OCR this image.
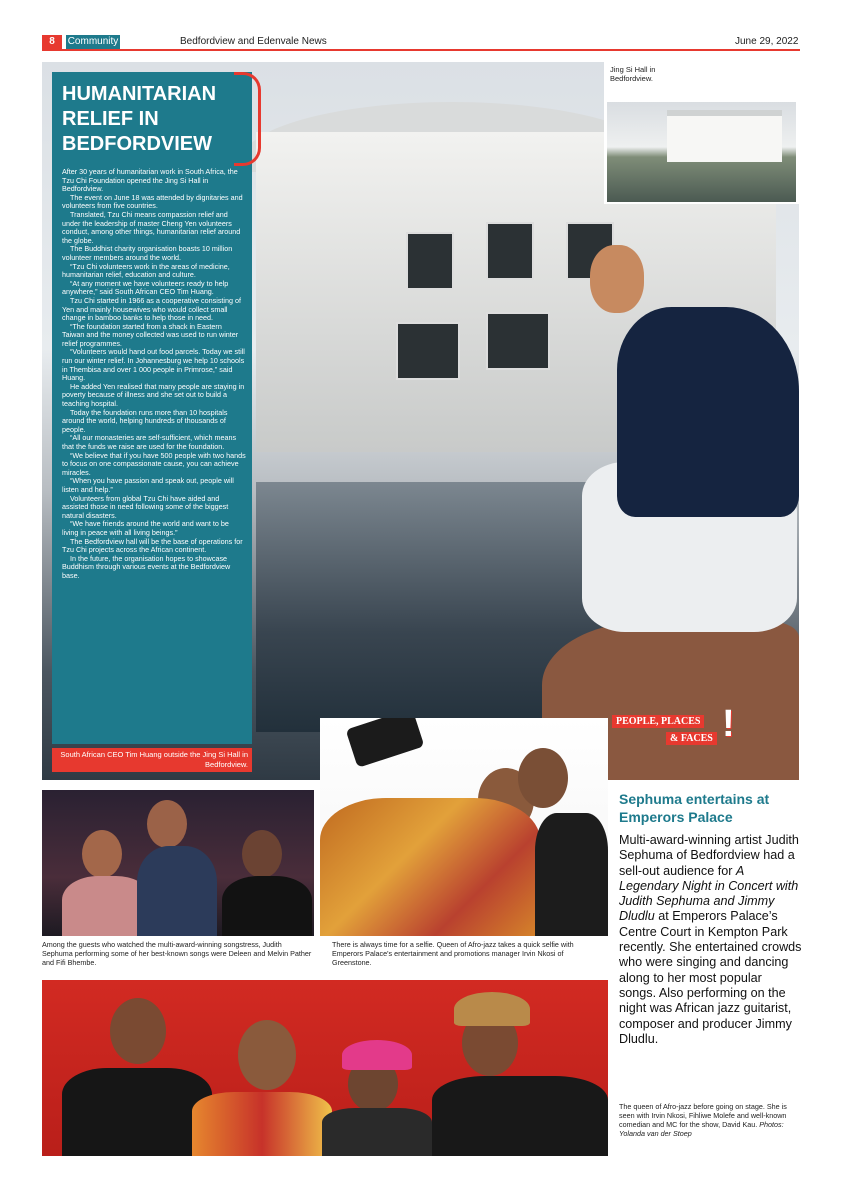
8	Community	Bedfordview and Edenvale News	June 29, 2022
HUMANITARIAN RELIEF IN BEDFORDVIEW

After 30 years of humanitarian work in South Africa, the Tzu Chi Foundation opened the Jing Si Hall in Bedfordview.

The event on June 18 was attended by dignitaries and volunteers from five countries.

Translated, Tzu Chi means compassion relief and under the leadership of master Cheng Yen volunteers conduct, among other things, humanitarian relief around the globe.

The Buddhist charity organisation boasts 10 million volunteer members around the world.

“Tzu Chi volunteers work in the areas of medicine, humanitarian relief, education and culture.

“At any moment we have volunteers ready to help anywhere,” said South African CEO Tim Huang.

Tzu Chi started in 1966 as a cooperative consisting of Yen and mainly housewives who would collect small change in bamboo banks to help those in need.

“The foundation started from a shack in Eastern Taiwan and the money collected was used to run winter relief programmes.

“Volunteers would hand out food parcels. Today we still run our winter relief. In Johannesburg we help 10 schools in Thembisa and over 1 000 people in Primrose,” said Huang.

He added Yen realised that many people are staying in poverty because of illness and she set out to build a teaching hospital.

Today the foundation runs more than 10 hospitals around the world, helping hundreds of thousands of people.

“All our monasteries are self-sufficient, which means that the funds we raise are used for the foundation.

“We believe that if you have 500 people with two hands to focus on one compassionate cause, you can achieve miracles.

“When you have passion and speak out, people will listen and help.”

Volunteers from global Tzu Chi have aided and assisted those in need following some of the biggest natural disasters.

“We have friends around the world and want to be living in peace with all living beings.”

The Bedfordview hall will be the base of operations for Tzu Chi projects across the African continent.

In the future, the organisation hopes to showcase Buddhism through various events at the Bedfordview base.

South African CEO Tim Huang outside the Jing Si Hall in Bedfordview.
Jing Si Hall in Bedfordview.
PEOPLE, PLACES
& FACES !
Among the guests who watched the multi-award-winning songstress, Judith Sephuma performing some of her best-known songs were Deleen and Melvin Pather and Fifi Bhembe.
There is always time for a selfie. Queen of Afro-jazz takes a quick selfie with Emperors Palace's entertainment and promotions manager Irvin Nkosi of Greenstone.
Sephuma entertains at Emperors Palace
Multi-award-winning artist Judith Sephuma of Bedfordview had a sell-out audience for A Legendary Night in Concert with Judith Sephuma and Jimmy Dludlu at Emperors Palace’s Centre Court in Kempton Park recently. She entertained crowds who were singing and dancing along to her most popular songs. Also performing on the night was African jazz guitarist, composer and producer Jimmy Dludlu.
The queen of Afro-jazz before going on stage. She is seen with Irvin Nkosi, Fihliwe Molefe and well-known comedian and MC for the show, David Kau. Photos: Yolanda van der Stoep
